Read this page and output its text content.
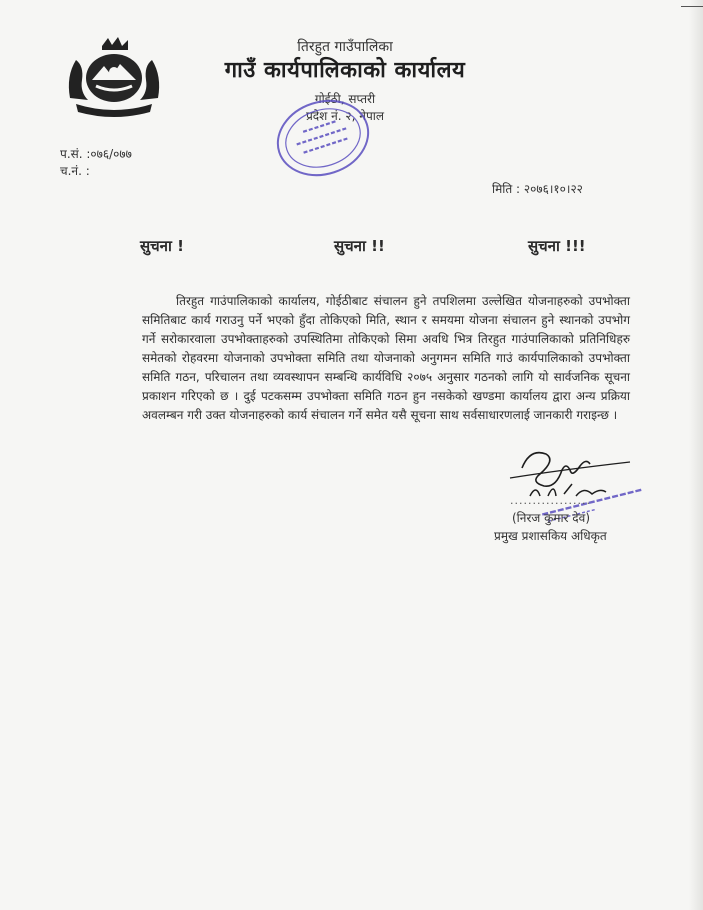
तिरहुत गाउँपालिका
गाउँ कार्यपालिकाको कार्यालय
गोईठी, सप्तरी
प्रदेश नं. २, नेपाल
प.सं. :०७६/०७७
च.नं. :
मिति : २०७६।१०।२२
सुचना !	सुचना !!	सुचना !!!
तिरहुत गाउंपालिकाको कार्यालय, गोईठीबाट संचालन हुने तपशिलमा उल्लेखित योजनाहरुको उपभोक्ता समितिबाट कार्य गराउनु पर्ने भएको हुँदा तोकिएको मिति, स्थान र समयमा योजना संचालन हुने स्थानको उपभोग गर्ने सरोकारवाला उपभोक्ताहरुको उपस्थितिमा तोकिएको सिमा अवधि भित्र तिरहुत गाउंपालिकाको प्रतिनिधिहरु समेतको रोहवरमा योजनाको उपभोक्ता समिति तथा योजनाको अनुगमन समिति गाउं कार्यपालिकाको उपभोक्ता समिति गठन, परिचालन तथा व्यवस्थापन सम्बन्धि कार्यविधि २०७५ अनुसार गठनको लागि यो सार्वजनिक सूचना प्रकाशन गरिएको छ । दुई पटकसम्म उपभोक्ता समिति गठन हुन नसकेको खण्डमा कार्यालय द्वारा अन्य प्रक्रिया अवलम्बन गरी उक्त योजनाहरुको कार्य संचालन गर्ने समेत यसै सूचना साथ सर्वसाधारणलाई जानकारी गराइन्छ ।
..................
(निरज कुमार देव)
प्रमुख प्रशासकिय अधिकृत
